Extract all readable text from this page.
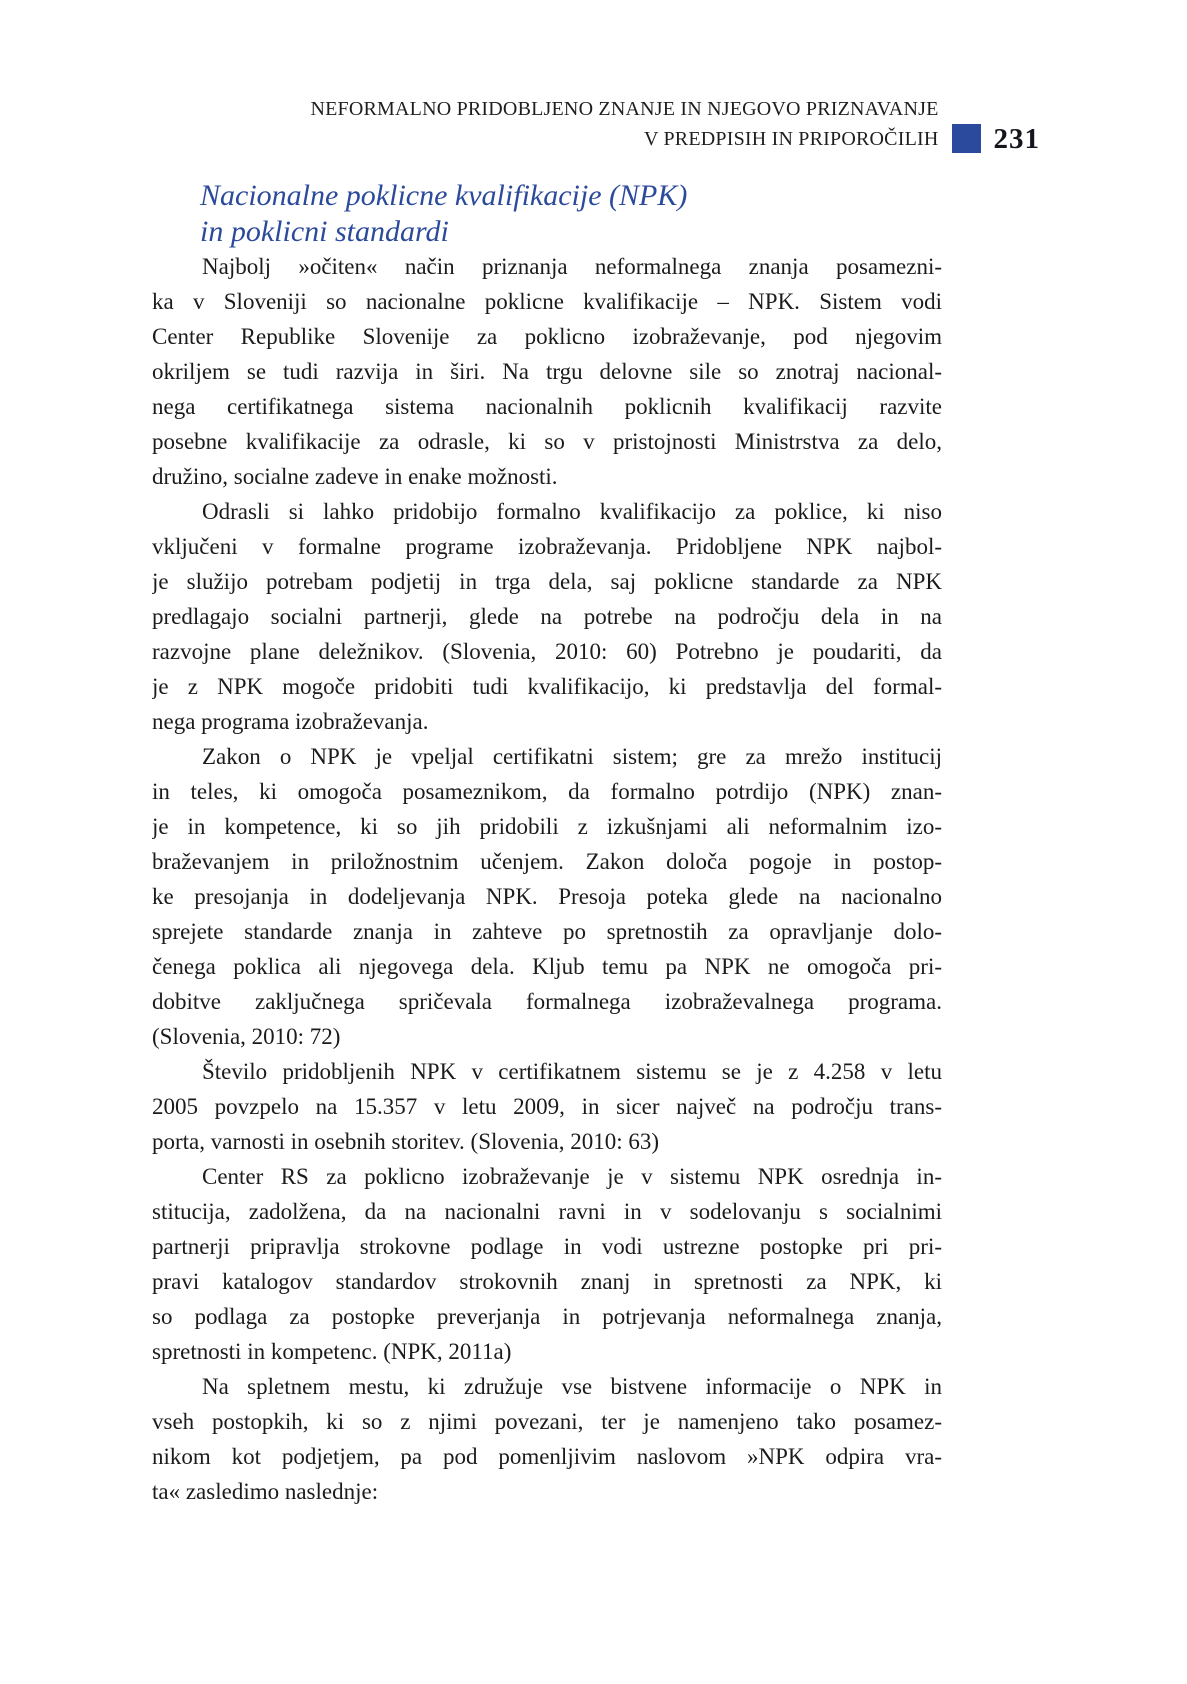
NEFORMALNO PRIDOBLJENO ZNANJE IN NJEGOVO PRIZNAVANJE
V PREDPISIH IN PRIPOROČILIH 231
Nacionalne poklicne kvalifikacije (NPK)
in poklicni standardi
Najbolj »očiten« način priznanja neformalnega znanja posamezni-
ka v Sloveniji so nacionalne poklicne kvalifikacije – NPK. Sistem vodi
Center Republike Slovenije za poklicno izobraževanje, pod njegovim
okriljem se tudi razvija in širi. Na trgu delovne sile so znotraj nacional-
nega certifikatnega sistema nacionalnih poklicnih kvalifikacij razvite
posebne kvalifikacije za odrasle, ki so v pristojnosti Ministrstva za delo,
družino, socialne zadeve in enake možnosti.
Odrasli si lahko pridobijo formalno kvalifikacijo za poklice, ki niso
vključeni v formalne programe izobraževanja. Pridobljene NPK najbol-
je služijo potrebam podjetij in trga dela, saj poklicne standarde za NPK
predlagajo socialni partnerji, glede na potrebe na področju dela in na
razvojne plane deležnikov. (Slovenia, 2010: 60) Potrebno je poudariti, da
je z NPK mogoče pridobiti tudi kvalifikacijo, ki predstavlja del formal-
nega programa izobraževanja.
Zakon o NPK je vpeljal certifikatni sistem; gre za mrežo institucij
in teles, ki omogoča posameznikom, da formalno potrdijo (NPK) znan-
je in kompetence, ki so jih pridobili z izkušnjami ali neformalnim izo-
braževanjem in priložnostnim učenjem. Zakon določa pogoje in postop-
ke presojanja in dodeljevanja NPK. Presoja poteka glede na nacionalno
sprejete standarde znanja in zahteve po spretnostih za opravljanje dolo-
čenega poklica ali njegovega dela. Kljub temu pa NPK ne omogoča pri-
dobitve zaključnega spričevala formalnega izobraževalnega programa.
(Slovenia, 2010: 72)
Število pridobljenih NPK v certifikatnem sistemu se je z 4.258 v letu
2005 povzpelo na 15.357 v letu 2009, in sicer največ na področju trans-
porta, varnosti in osebnih storitev. (Slovenia, 2010: 63)
Center RS za poklicno izobraževanje je v sistemu NPK osrednja in-
stitucija, zadolžena, da na nacionalni ravni in v sodelovanju s socialnimi
partnerji pripravlja strokovne podlage in vodi ustrezne postopke pri pri-
pravi katalogov standardov strokovnih znanj in spretnosti za NPK, ki
so podlaga za postopke preverjanja in potrjevanja neformalnega znanja,
spretnosti in kompetenc. (NPK, 2011a)
Na spletnem mestu, ki združuje vse bistvene informacije o NPK in
vseh postopkih, ki so z njimi povezani, ter je namenjeno tako posamez-
nikom kot podjetjem, pa pod pomenljivim naslovom »NPK odpira vra-
ta« zasledimo naslednje:
